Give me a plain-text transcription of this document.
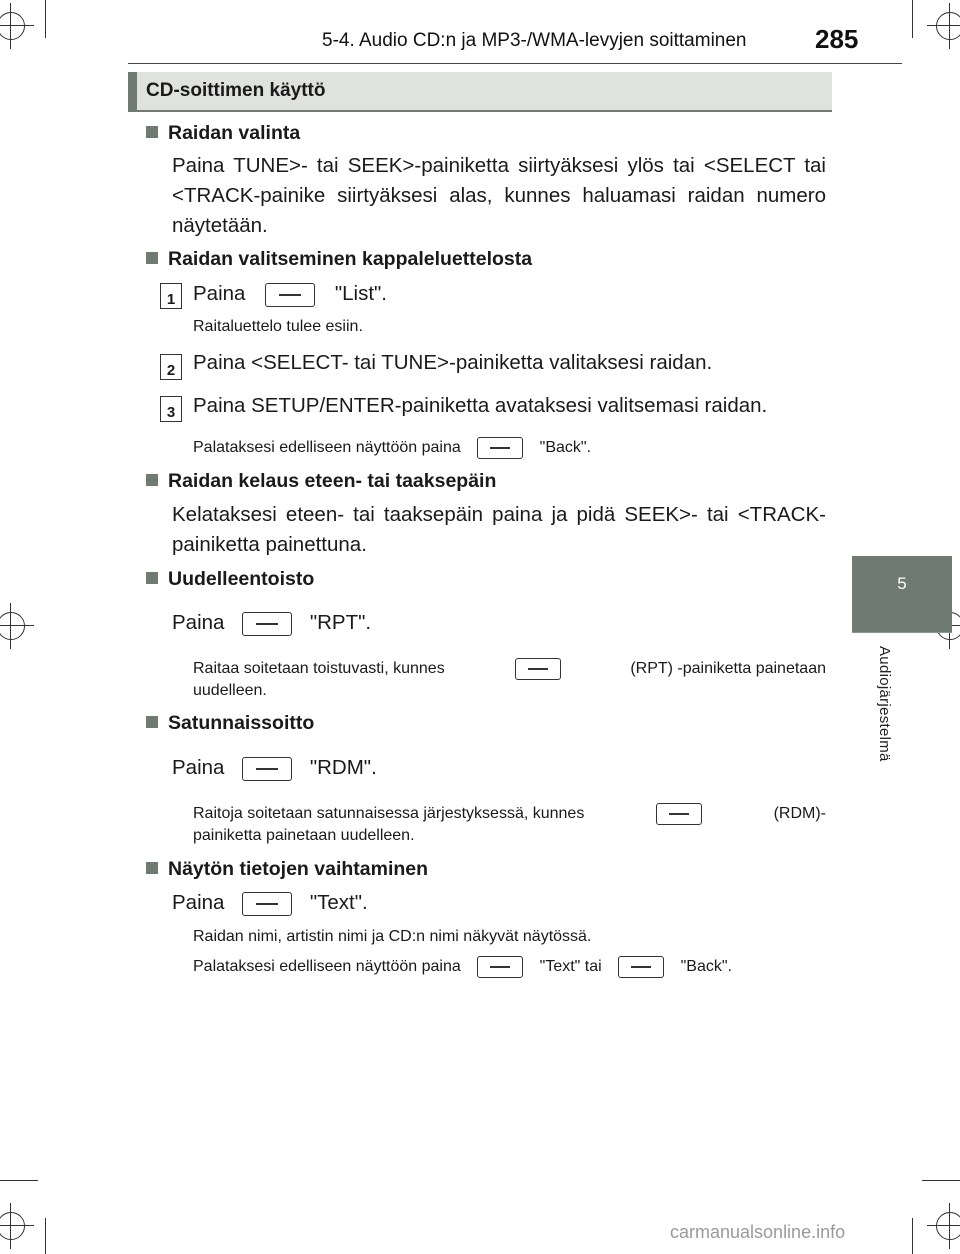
5-4. Audio CD:n ja MP3-/WMA-levyjen soittaminen	285
5
Audiojärjestelmä
CD-soittimen käyttö
Raidan valinta
Paina TUNE>- tai SEEK>-painiketta siirtyäksesi ylös tai <SELECT tai <TRACK-painike siirtyäksesi alas, kunnes haluamasi raidan numero näytetään.
Raidan valitseminen kappaleluettelosta
1 Paina	"List".
Raitaluettelo tulee esiin.
2 Paina <SELECT- tai TUNE>-painiketta valitaksesi raidan.
3 Paina SETUP/ENTER-painiketta avataksesi valitsemasi raidan.
Palataksesi edelliseen näyttöön paina	"Back".
Raidan kelaus eteen- tai taaksepäin
Kelataksesi eteen- tai taaksepäin paina ja pidä SEEK>- tai <TRACK-painiketta painettuna.
Uudelleentoisto
Paina	"RPT".
Raitaa soitetaan toistuvasti, kunnes	(RPT) -painiketta painetaan
uudelleen.
Satunnaissoitto
Paina	"RDM".
Raitoja soitetaan satunnaisessa järjestyksessä, kunnes	(RDM)-
painiketta painetaan uudelleen.
Näytön tietojen vaihtaminen
Paina	"Text".
Raidan nimi, artistin nimi ja CD:n nimi näkyvät näytössä.
Palataksesi edelliseen näyttöön paina	"Text" tai	"Back".
carmanualsonline.info
